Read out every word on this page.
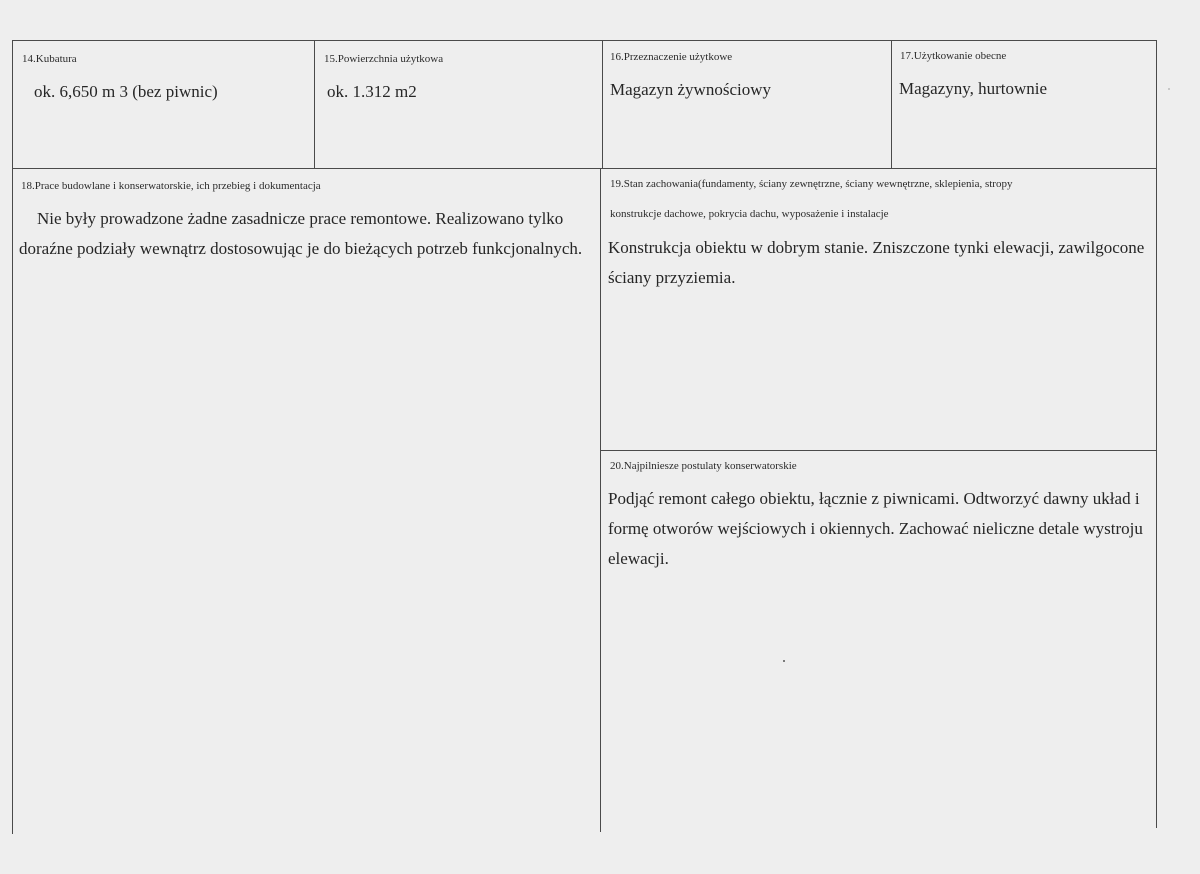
14.Kubatura
ok. 6,650 m 3 (bez piwnic)
15.Powierzchnia użytkowa
ok. 1.312 m2
16.Przeznaczenie użytkowe
Magazyn żywnościowy
17.Użytkowanie obecne
Magazyny, hurtownie
18.Prace budowlane i konserwatorskie, ich przebieg i dokumentacja
Nie były prowadzone żadne zasadnicze prace remontowe. Realizowano tylko
doraźne podziały wewnątrz dostosowując je do bieżących potrzeb funkcjonalnych.
19.Stan zachowania(fundamenty, ściany zewnętrzne, ściany wewnętrzne, sklepienia, stropy
konstrukcje dachowe, pokrycia dachu, wyposażenie i instalacje
Konstrukcja obiektu w dobrym stanie. Zniszczone tynki elewacji, zawilgocone
ściany przyziemia.
20.Najpilniesze postulaty konserwatorskie
Podjąć remont całego obiektu, łącznie z piwnicami. Odtworzyć dawny układ i
formę otworów wejściowych i okiennych. Zachować nieliczne detale wystroju
elewacji.
